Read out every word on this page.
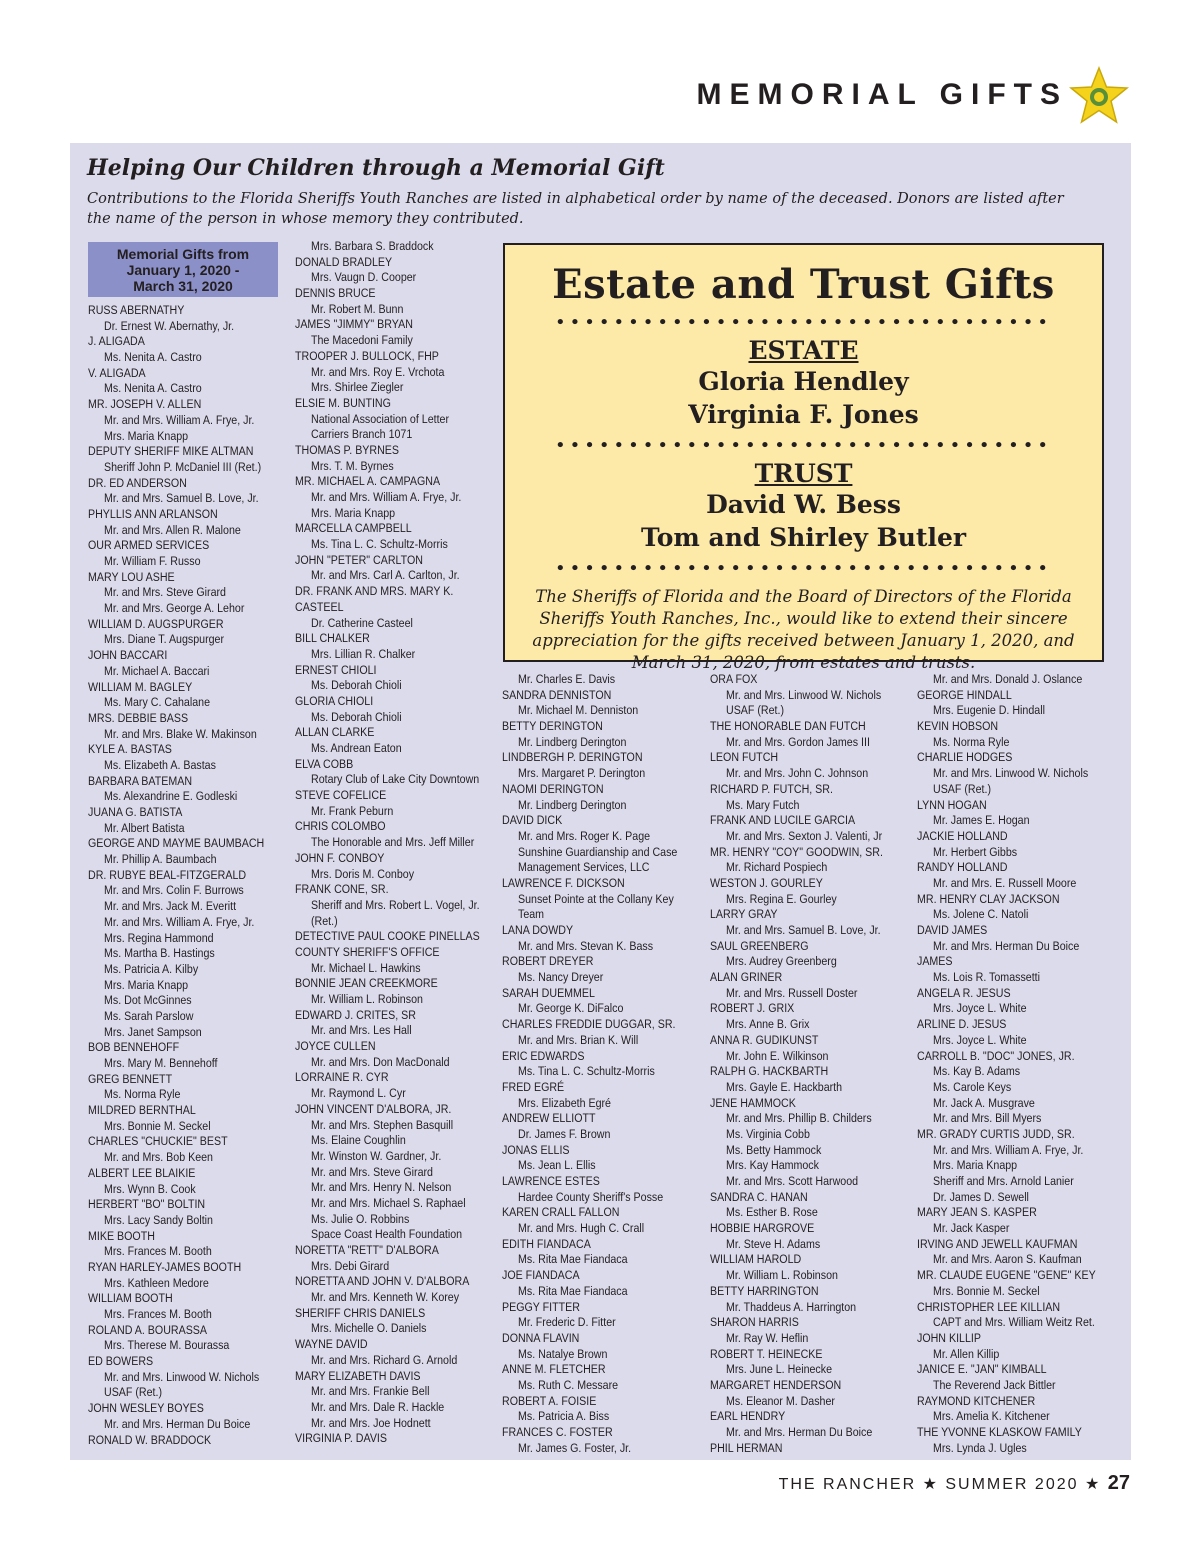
MEMORIAL GIFTS
Helping Our Children through a Memorial Gift
Contributions to the Florida Sheriffs Youth Ranches are listed in alphabetical order by name of the deceased. Donors are listed after the name of the person in whose memory they contributed.
Memorial Gifts from
January 1, 2020 -
March 31, 2020
RUSS ABERNATHY
Dr. Ernest W. Abernathy, Jr.
J. ALIGADA
Ms. Nenita A. Castro
V. ALIGADA
Ms. Nenita A. Castro
MR. JOSEPH V. ALLEN
Mr. and Mrs. William A. Frye, Jr.
Mrs. Maria Knapp
DEPUTY SHERIFF MIKE ALTMAN
Sheriff John P. McDaniel III (Ret.)
DR. ED ANDERSON
Mr. and Mrs. Samuel B. Love, Jr.
PHYLLIS ANN ARLANSON
Mr. and Mrs. Allen R. Malone
OUR ARMED SERVICES
Mr. William F. Russo
MARY LOU ASHE
Mr. and Mrs. Steve Girard
Mr. and Mrs. George A. Lehor
WILLIAM D. AUGSPURGER
Mrs. Diane T. Augspurger
JOHN BACCARI
Mr. Michael A. Baccari
WILLIAM M. BAGLEY
Ms. Mary C. Cahalane
MRS. DEBBIE BASS
Mr. and Mrs. Blake W. Makinson
KYLE A. BASTAS
Ms. Elizabeth A. Bastas
BARBARA BATEMAN
Ms. Alexandrine E. Godleski
JUANA G. BATISTA
Mr. Albert Batista
GEORGE AND MAYME BAUMBACH
Mr. Phillip A. Baumbach
DR. RUBYE BEAL-FITZGERALD
Mr. and Mrs. Colin F. Burrows
Mr. and Mrs. Jack M. Everitt
Mr. and Mrs. William A. Frye, Jr.
Mrs. Regina Hammond
Ms. Martha B. Hastings
Ms. Patricia A. Kilby
Mrs. Maria Knapp
Ms. Dot McGinnes
Ms. Sarah Parslow
Mrs. Janet Sampson
BOB BENNEHOFF
Mrs. Mary M. Bennehoff
GREG BENNETT
Ms. Norma Ryle
MILDRED BERNTHAL
Mrs. Bonnie M. Seckel
CHARLES "CHUCKIE" BEST
Mr. and Mrs. Bob Keen
ALBERT LEE BLAIKIE
Mrs. Wynn B. Cook
HERBERT "BO" BOLTIN
Mrs. Lacy Sandy Boltin
MIKE BOOTH
Mrs. Frances M. Booth
RYAN HARLEY-JAMES BOOTH
Mrs. Kathleen Medore
WILLIAM BOOTH
Mrs. Frances M. Booth
ROLAND A. BOURASSA
Mrs. Therese M. Bourassa
ED BOWERS
Mr. and Mrs. Linwood W. Nichols
USAF (Ret.)
JOHN WESLEY BOYES
Mr. and Mrs. Herman Du Boice
RONALD W. BRADDOCK
Mrs. Barbara S. Braddock
DONALD BRADLEY
Mrs. Vaugn D. Cooper
DENNIS BRUCE
Mr. Robert M. Bunn
JAMES "JIMMY" BRYAN
The Macedoni Family
TROOPER J. BULLOCK, FHP
Mr. and Mrs. Roy E. Vrchota
Mrs. Shirlee Ziegler
ELSIE M. BUNTING
National Association of Letter
Carriers Branch 1071
THOMAS P. BYRNES
Mrs. T. M. Byrnes
MR. MICHAEL A. CAMPAGNA
Mr. and Mrs. William A. Frye, Jr.
Mrs. Maria Knapp
MARCELLA CAMPBELL
Ms. Tina L. C. Schultz-Morris
JOHN "PETER" CARLTON
Mr. and Mrs. Carl A. Carlton, Jr.
DR. FRANK AND MRS. MARY K.
CASTEEL
Dr. Catherine Casteel
BILL CHALKER
Mrs. Lillian R. Chalker
ERNEST CHIOLI
Ms. Deborah Chioli
GLORIA CHIOLI
Ms. Deborah Chioli
ALLAN CLARKE
Ms. Andrean Eaton
ELVA COBB
Rotary Club of Lake City Downtown
STEVE COFELICE
Mr. Frank Peburn
CHRIS COLOMBO
The Honorable and Mrs. Jeff Miller
JOHN F. CONBOY
Mrs. Doris M. Conboy
FRANK CONE, SR.
Sheriff and Mrs. Robert L. Vogel, Jr.
(Ret.)
DETECTIVE PAUL COOKE PINELLAS
COUNTY SHERIFF'S OFFICE
Mr. Michael L. Hawkins
BONNIE JEAN CREEKMORE
Mr. William L. Robinson
EDWARD J. CRITES, SR
Mr. and Mrs. Les Hall
JOYCE CULLEN
Mr. and Mrs. Don MacDonald
LORRAINE R. CYR
Mr. Raymond L. Cyr
JOHN VINCENT D'ALBORA, JR.
Mr. and Mrs. Stephen Basquill
Ms. Elaine Coughlin
Mr. Winston W. Gardner, Jr.
Mr. and Mrs. Steve Girard
Mr. and Mrs. Henry N. Nelson
Mr. and Mrs. Michael S. Raphael
Ms. Julie O. Robbins
Space Coast Health Foundation
NORETTA "RETT" D'ALBORA
Mrs. Debi Girard
NORETTA AND JOHN V. D'ALBORA
Mr. and Mrs. Kenneth W. Korey
SHERIFF CHRIS DANIELS
Mrs. Michelle O. Daniels
WAYNE DAVID
Mr. and Mrs. Richard G. Arnold
MARY ELIZABETH DAVIS
Mr. and Mrs. Frankie Bell
Mr. and Mrs. Dale R. Hackle
Mr. and Mrs. Joe Hodnett
VIRGINIA P. DAVIS
Estate and Trust Gifts
••••••••••••••••••••••••••••••••••
ESTATE
Gloria Hendley
Virginia F. Jones
••••••••••••••••••••••••••••••••••
TRUST
David W. Bess
Tom and Shirley Butler
••••••••••••••••••••••••••••••••••
The Sheriffs of Florida and the Board of Directors of the Florida Sheriffs Youth Ranches, Inc., would like to extend their sincere appreciation for the gifts received between January 1, 2020, and March 31, 2020, from estates and trusts.
Mr. Charles E. Davis
SANDRA DENNISTON
Mr. Michael M. Denniston
BETTY DERINGTON
Mr. Lindberg Derington
LINDBERGH P. DERINGTON
Mrs. Margaret P. Derington
NAOMI DERINGTON
Mr. Lindberg Derington
DAVID DICK
Mr. and Mrs. Roger K. Page
Sunshine Guardianship and Case
Management Services, LLC
LAWRENCE F. DICKSON
Sunset Pointe at the Collany Key
Team
LANA DOWDY
Mr. and Mrs. Stevan K. Bass
ROBERT DREYER
Ms. Nancy Dreyer
SARAH DUEMMEL
Mr. George K. DiFalco
CHARLES FREDDIE DUGGAR, SR.
Mr. and Mrs. Brian K. Will
ERIC EDWARDS
Ms. Tina L. C. Schultz-Morris
FRED EGRÉ
Mrs. Elizabeth Egré
ANDREW ELLIOTT
Dr. James F. Brown
JONAS ELLIS
Ms. Jean L. Ellis
LAWRENCE ESTES
Hardee County Sheriff's Posse
KAREN CRALL FALLON
Mr. and Mrs. Hugh C. Crall
EDITH FIANDACA
Ms. Rita Mae Fiandaca
JOE FIANDACA
Ms. Rita Mae Fiandaca
PEGGY FITTER
Mr. Frederic D. Fitter
DONNA FLAVIN
Ms. Natalye Brown
ANNE M. FLETCHER
Ms. Ruth C. Messare
ROBERT A. FOISIE
Ms. Patricia A. Biss
FRANCES C. FOSTER
Mr. James G. Foster, Jr.
ORA FOX
Mr. and Mrs. Linwood W. Nichols
USAF (Ret.)
THE HONORABLE DAN FUTCH
Mr. and Mrs. Gordon James III
LEON FUTCH
Mr. and Mrs. John C. Johnson
RICHARD P. FUTCH, SR.
Ms. Mary Futch
FRANK AND LUCILE GARCIA
Mr. and Mrs. Sexton J. Valenti, Jr
MR. HENRY "COY" GOODWIN, SR.
Mr. Richard Pospiech
WESTON J. GOURLEY
Mrs. Regina E. Gourley
LARRY GRAY
Mr. and Mrs. Samuel B. Love, Jr.
SAUL GREENBERG
Mrs. Audrey Greenberg
ALAN GRINER
Mr. and Mrs. Russell Doster
ROBERT J. GRIX
Mrs. Anne B. Grix
ANNA R. GUDIKUNST
Mr. John E. Wilkinson
RALPH G. HACKBARTH
Mrs. Gayle E. Hackbarth
JENE HAMMOCK
Mr. and Mrs. Phillip B. Childers
Ms. Virginia Cobb
Ms. Betty Hammock
Mrs. Kay Hammock
Mr. and Mrs. Scott Harwood
SANDRA C. HANAN
Ms. Esther B. Rose
HOBBIE HARGROVE
Mr. Steve H. Adams
WILLIAM HAROLD
Mr. William L. Robinson
BETTY HARRINGTON
Mr. Thaddeus A. Harrington
SHARON HARRIS
Mr. Ray W. Heflin
ROBERT T. HEINECKE
Mrs. June L. Heinecke
MARGARET HENDERSON
Ms. Eleanor M. Dasher
EARL HENDRY
Mr. and Mrs. Herman Du Boice
PHIL HERMAN
Mr. and Mrs. Donald J. Oslance
GEORGE HINDALL
Mrs. Eugenie D. Hindall
KEVIN HOBSON
Ms. Norma Ryle
CHARLIE HODGES
Mr. and Mrs. Linwood W. Nichols
USAF (Ret.)
LYNN HOGAN
Mr. James E. Hogan
JACKIE HOLLAND
Mr. Herbert Gibbs
RANDY HOLLAND
Mr. and Mrs. E. Russell Moore
MR. HENRY CLAY JACKSON
Ms. Jolene C. Natoli
DAVID JAMES
Mr. and Mrs. Herman Du Boice
JAMES
Ms. Lois R. Tomassetti
ANGELA R. JESUS
Mrs. Joyce L. White
ARLINE D. JESUS
Mrs. Joyce L. White
CARROLL B. "DOC" JONES, JR.
Ms. Kay B. Adams
Ms. Carole Keys
Mr. Jack A. Musgrave
Mr. and Mrs. Bill Myers
MR. GRADY CURTIS JUDD, SR.
Mr. and Mrs. William A. Frye, Jr.
Mrs. Maria Knapp
Sheriff and Mrs. Arnold Lanier
Dr. James D. Sewell
MARY JEAN S. KASPER
Mr. Jack Kasper
IRVING AND JEWELL KAUFMAN
Mr. and Mrs. Aaron S. Kaufman
MR. CLAUDE EUGENE "GENE" KEY
Mrs. Bonnie M. Seckel
CHRISTOPHER LEE KILLIAN
CAPT and Mrs. William Weitz Ret.
JOHN KILLIP
Mr. Allen Killip
JANICE E. "JAN" KIMBALL
The Reverend Jack Bittler
RAYMOND KITCHENER
Mrs. Amelia K. Kitchener
THE YVONNE KLASKOW FAMILY
Mrs. Lynda J. Ugles
THE RANCHER ★ SUMMER 2020 ★ 27
